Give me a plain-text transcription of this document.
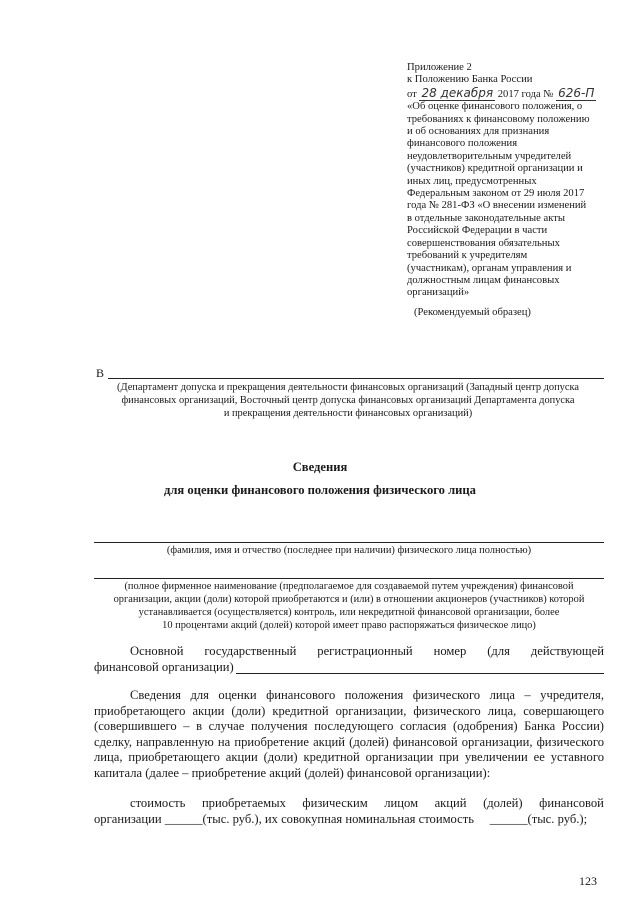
Приложение 2
к Положению Банка России
от 28 декабря 2017 года № 626-П
«Об оценке финансового положения, о
требованиях к финансовому положению
и об основаниях для признания
финансового положения
неудовлетворительным учредителей
(участников) кредитной организации и
иных лиц, предусмотренных
Федеральным законом от 29 июля 2017
года № 281-ФЗ «О внесении изменений
в отдельные законодательные акты
Российской Федерации в части
совершенствования обязательных
требований к учредителям
(участникам), органам управления и
должностным лицам финансовых
организаций»
(Рекомендуемый образец)
В
(Департамент допуска и прекращения деятельности финансовых организаций (Западный центр допуска
финансовых организаций, Восточный центр допуска финансовых организаций Департамента допуска
и прекращения деятельности финансовых организаций)
Сведения
для оценки финансового положения физического лица
(фамилия, имя и отчество (последнее при наличии) физического лица полностью)
(полное фирменное наименование (предполагаемое для создаваемой путем учреждения) финансовой
организации, акции (доли) которой приобретаются и (или) в отношении акционеров (участников) которой
устанавливается (осуществляется) контроль, или некредитной финансовой организации, более
10 процентами акций (долей) которой имеет право распоряжаться физическое лицо)
Основной государственный регистрационный номер (для действующей
финансовой организации)
Сведения для оценки финансового положения физического лица – учредителя, приобретающего акции (доли) кредитной организации, физического лица, совершающего (совершившего – в случае получения последующего согласия (одобрения) Банка России) сделку, направленную на приобретение акций (долей) финансовой организации, физического лица, приобретающего акции (доли) кредитной организации при увеличении ее уставного капитала (далее – приобретение акций (долей) финансовой организации):
стоимость приобретаемых физическим лицом акций (долей) финансовой
организации ______(тыс. руб.), их совокупная номинальная стоимость     ______(тыс. руб.);
123
